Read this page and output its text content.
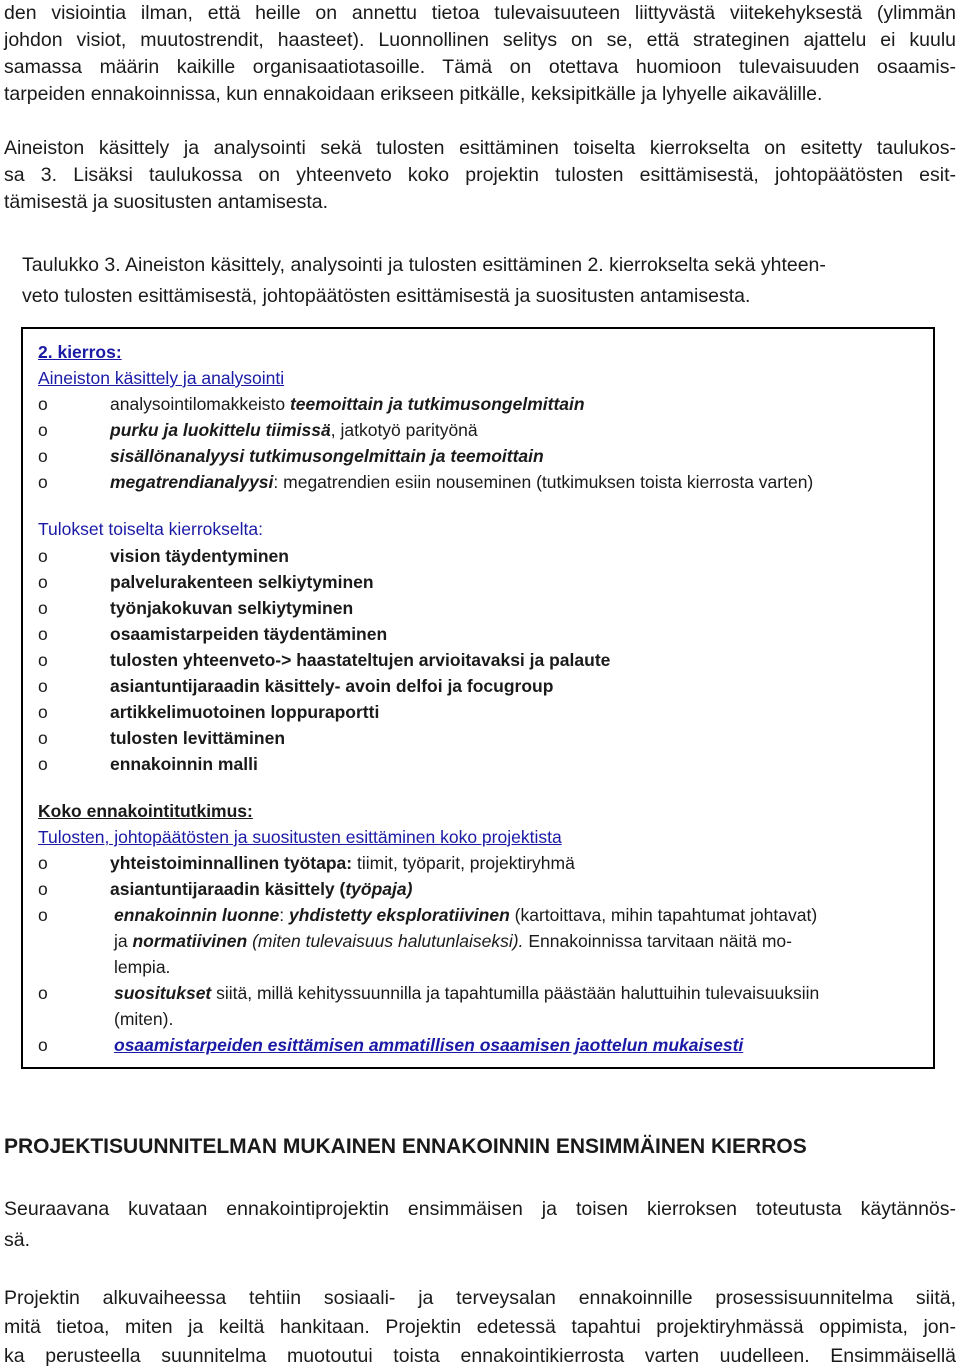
den visiointia ilman, että heille on annettu tietoa tulevaisuuteen liittyvästä viitekehyksestä (ylimmän
johdon visiot, muutostrendit, haasteet). Luonnollinen selitys on se, että strateginen ajattelu ei kuulu
samassa määrin kaikille organisaatiotasoille. Tämä on otettava huomioon tulevaisuuden osaamis-
tarpeiden ennakoinnissa, kun ennakoidaan erikseen pitkälle, keksipitkälle ja lyhyelle aikavälille.
Aineiston käsittely ja analysointi sekä tulosten esittäminen toiselta kierrokselta on esitetty taulukos-
sa 3. Lisäksi taulukossa on yhteenveto koko projektin tulosten esittämisestä, johtopäätösten esit-
tämisestä ja suositusten antamisesta.
Taulukko 3. Aineiston käsittely, analysointi ja tulosten esittäminen 2. kierrokselta sekä yhteen-
veto tulosten esittämisestä, johtopäätösten esittämisestä ja suositusten antamisesta.
2. kierros:
Aineiston käsittely ja analysointi
o	analysointilomakkeisto teemoittain ja tutkimusongelmittain
o	purku ja luokittelu tiimissä, jatkotyö parityönä
o	sisällönanalyysi tutkimusongelmittain ja teemoittain
o	megatrendianalyysi: megatrendien esiin nouseminen (tutkimuksen toista kierrosta varten)
Tulokset toiselta kierrokselta:
o	vision täydentyminen
o	palvelurakenteen selkiytyminen
o	työnjakokuvan selkiytyminen
o	osaamistarpeiden täydentäminen
o	tulosten yhteenveto-> haastateltujen arvioitavaksi ja palaute
o	asiantuntijaraadin käsittely- avoin delfoi ja focugroup
o	artikkelimuotoinen loppuraportti
o	tulosten levittäminen
o	ennakoinnin malli
Koko ennakointitutkimus:
Tulosten, johtopäätösten ja suositusten esittäminen koko projektista
o	yhteistoiminnallinen työtapa: tiimit, työparit, projektiryhmä
o	asiantuntijaraadin käsittely (työpaja)
o	ennakoinnin luonne: yhdistetty eksploratiivinen (kartoittava, mihin tapahtumat johtavat)
ja normatiivinen (miten tulevaisuus halutunlaiseksi). Ennakoinnissa tarvitaan näitä mo-
lempia.
o	suositukset siitä, millä kehityssuunnilla ja tapahtumilla päästään haluttuihin tulevaisuuksiin
(miten).
o	osaamistarpeiden esittämisen ammatillisen osaamisen jaottelun mukaisesti
PROJEKTISUUNNITELMAN MUKAINEN ENNAKOINNIN ENSIMMÄINEN KIERROS
Seuraavana kuvataan ennakointiprojektin ensimmäisen ja toisen kierroksen toteutusta käytännös-
sä.
Projektin alkuvaiheessa tehtiin sosiaali- ja terveysalan ennakoinnille prosessisuunnitelma siitä,
mitä tietoa, miten ja keiltä hankitaan. Projektin edetessä tapahtui projektiryhmässä oppimista, jon-
ka perusteella suunnitelma muotoutui toista ennakointikierrosta varten uudelleen. Ensimmäisellä
